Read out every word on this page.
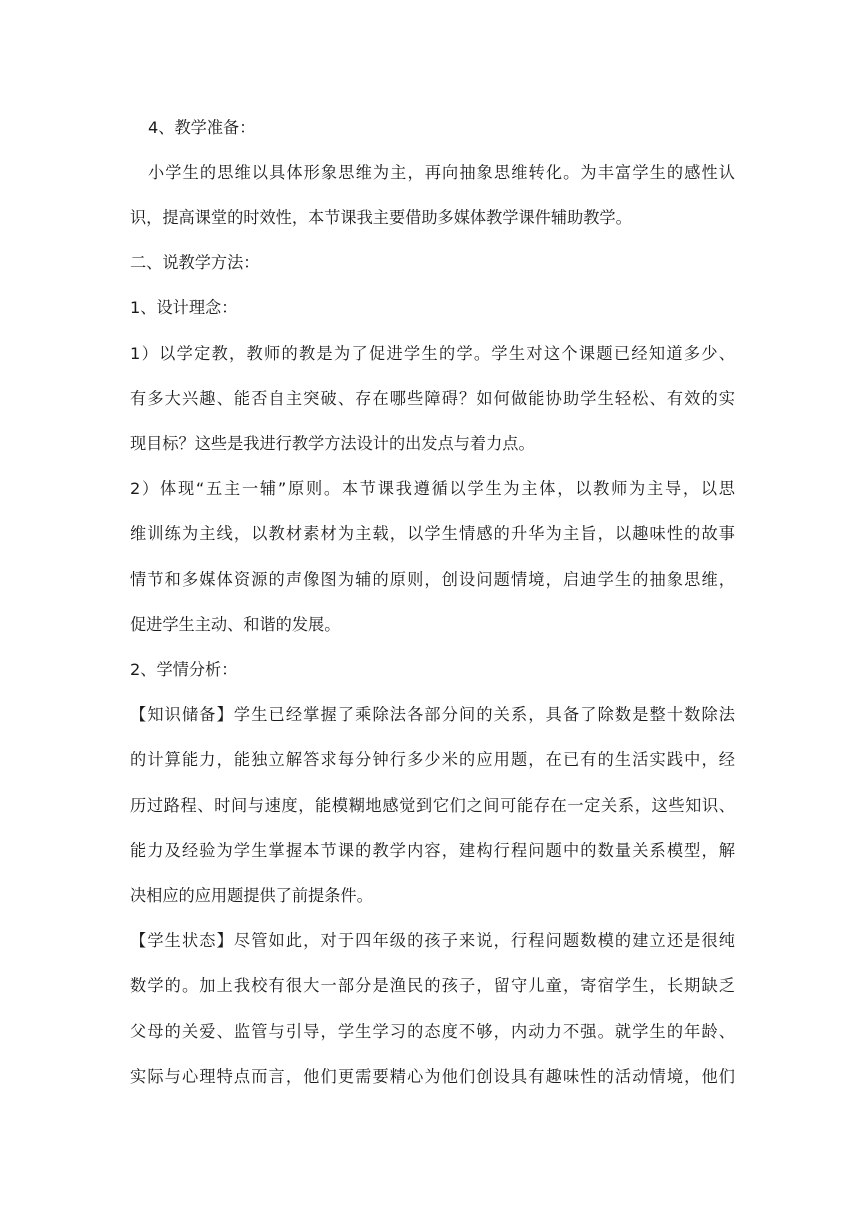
4、教学准备：
小学生的思维以具体形象思维为主，再向抽象思维转化。为丰富学生的感性认
识，提高课堂的时效性，本节课我主要借助多媒体教学课件辅助教学。
二、说教学方法：
1、设计理念：
1）以学定教，教师的教是为了促进学生的学。学生对这个课题已经知道多少、
有多大兴趣、能否自主突破、存在哪些障碍？如何做能协助学生轻松、有效的实
现目标？这些是我进行教学方法设计的出发点与着力点。
2）体现“五主一辅”原则。本节课我遵循以学生为主体，以教师为主导，以思
维训练为主线，以教材素材为主载，以学生情感的升华为主旨，以趣味性的故事
情节和多媒体资源的声像图为辅的原则，创设问题情境，启迪学生的抽象思维，
促进学生主动、和谐的发展。
2、学情分析：
【知识储备】学生已经掌握了乘除法各部分间的关系，具备了除数是整十数除法
的计算能力，能独立解答求每分钟行多少米的应用题，在已有的生活实践中，经
历过路程、时间与速度，能模糊地感觉到它们之间可能存在一定关系，这些知识、
能力及经验为学生掌握本节课的教学内容，建构行程问题中的数量关系模型，解
决相应的应用题提供了前提条件。
【学生状态】尽管如此，对于四年级的孩子来说，行程问题数模的建立还是很纯
数学的。加上我校有很大一部分是渔民的孩子，留守儿童，寄宿学生，长期缺乏
父母的关爱、监管与引导，学生学习的态度不够，内动力不强。就学生的年龄、
实际与心理特点而言，他们更需要精心为他们创设具有趣味性的活动情境，他们
